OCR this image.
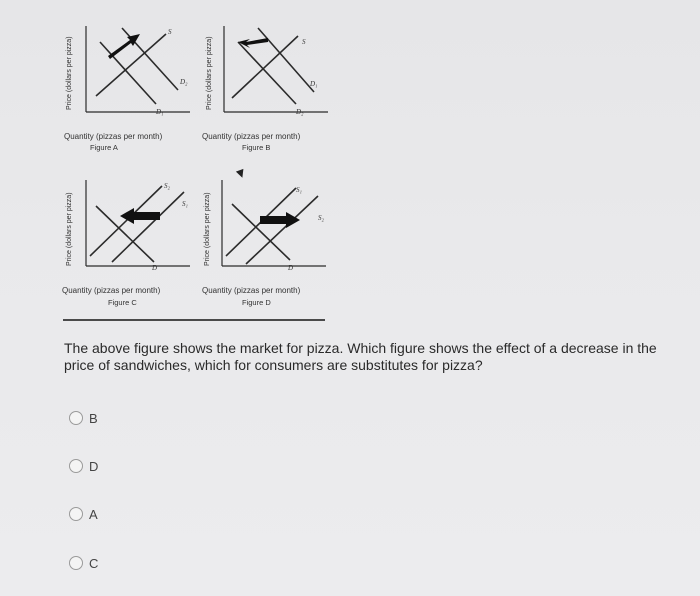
S
D₂
D₁
Price (dollars per pizza)
Quantity (pizzas per month)
Figure A
S
D₁
D₂
Price (dollars per pizza)
Quantity (pizzas per month)
Figure B
S₂
S₁
D
Price (dollars per pizza)
Quantity (pizzas per month)
Figure C
S₁
S₂
D
Price (dollars per pizza)
Quantity (pizzas per month)
Figure D
The above figure shows the market for pizza. Which figure shows the effect of a decrease in the price of sandwiches, which for consumers are substitutes for pizza?
B
D
A
C
